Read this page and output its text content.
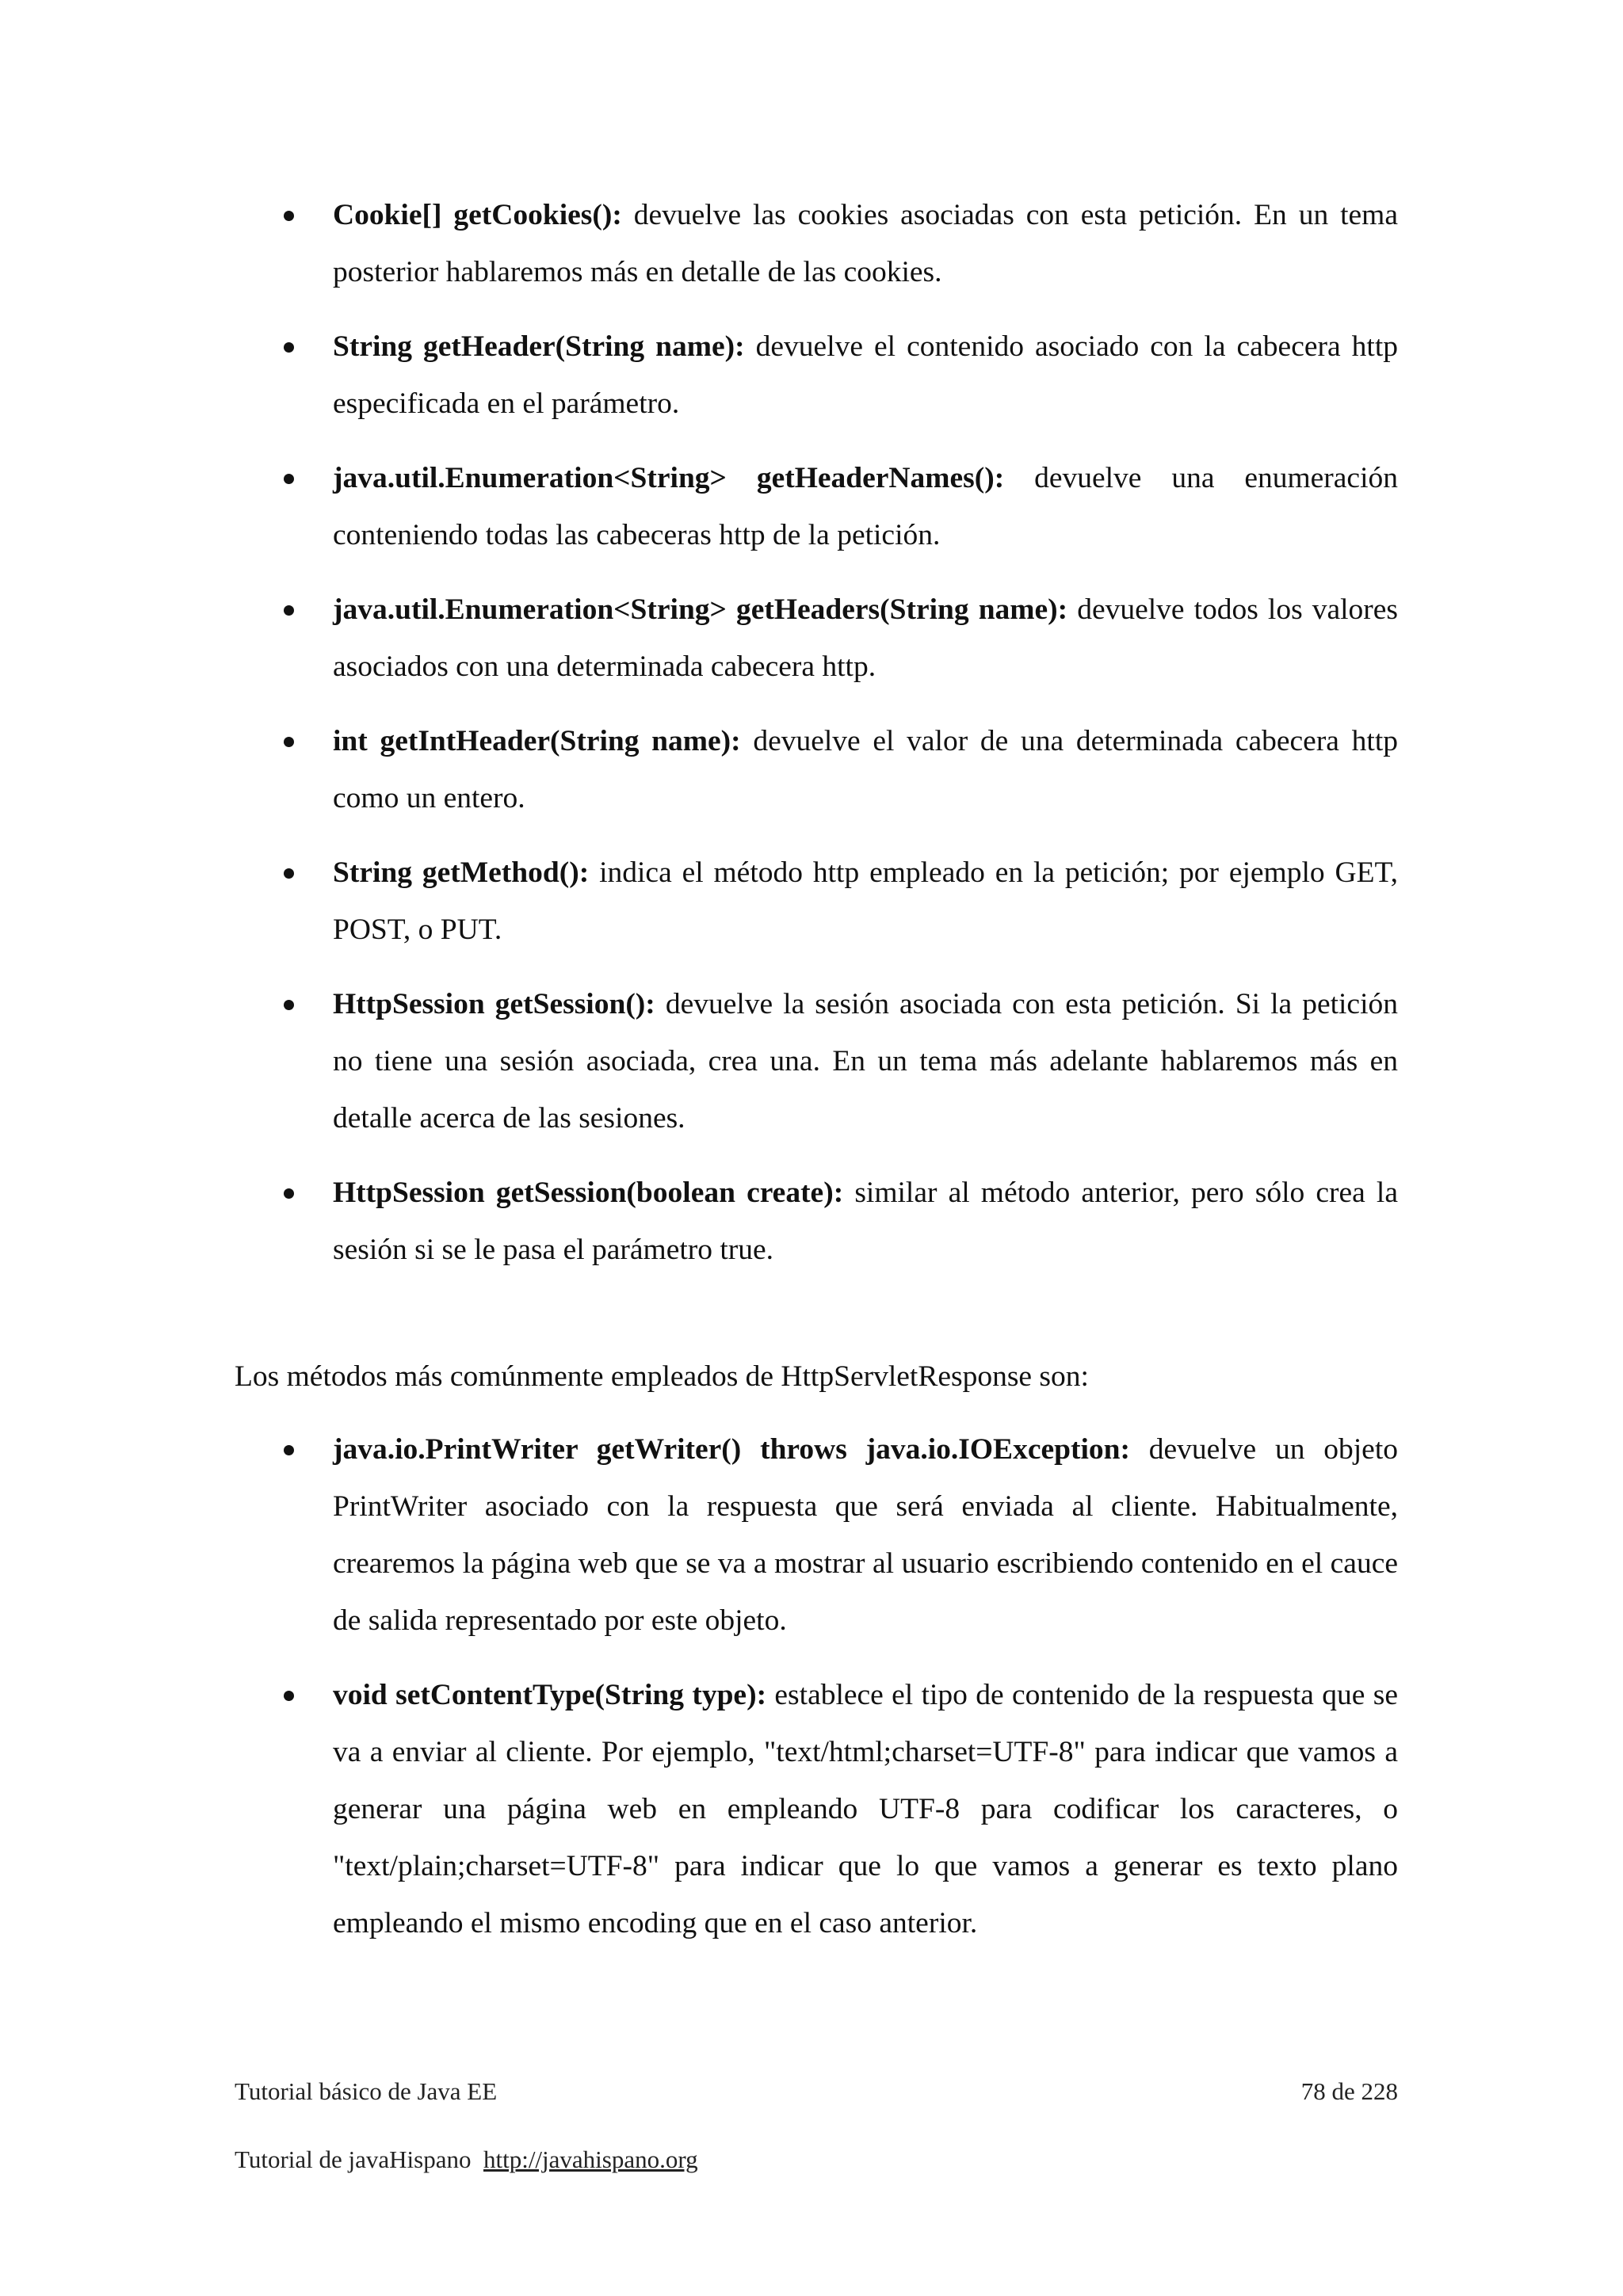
Cookie[] getCookies(): devuelve las cookies asociadas con esta petición. En un tema posterior hablaremos más en detalle de las cookies.
String getHeader(String name): devuelve el contenido asociado con la cabecera http especificada en el parámetro.
java.util.Enumeration<String> getHeaderNames(): devuelve una enumeración conteniendo todas las cabeceras http de la petición.
java.util.Enumeration<String> getHeaders(String name): devuelve todos los valores asociados con una determinada cabecera http.
int getIntHeader(String name): devuelve el valor de una determinada cabecera http como un entero.
String getMethod(): indica el método http empleado en la petición; por ejemplo GET, POST, o PUT.
HttpSession getSession(): devuelve la sesión asociada con esta petición. Si la petición no tiene una sesión asociada, crea una. En un tema más adelante hablaremos más en detalle acerca de las sesiones.
HttpSession getSession(boolean create): similar al método anterior, pero sólo crea la sesión si se le pasa el parámetro true.

Los métodos más comúnmente empleados de HttpServletResponse son:

java.io.PrintWriter getWriter() throws java.io.IOException: devuelve un objeto PrintWriter asociado con la respuesta que será enviada al cliente. Habitualmente, crearemos la página web que se va a mostrar al usuario escribiendo contenido en el cauce de salida representado por este objeto.
void setContentType(String type): establece el tipo de contenido de la respuesta que se va a enviar al cliente. Por ejemplo, "text/html;charset=UTF-8" para indicar que vamos a generar una página web en empleando UTF-8 para codificar los caracteres, o "text/plain;charset=UTF-8" para indicar que lo que vamos a generar es texto plano empleando el mismo encoding que en el caso anterior.
Tutorial básico de Java EE	78 de 228
Tutorial de javaHispano http://javahispano.org
